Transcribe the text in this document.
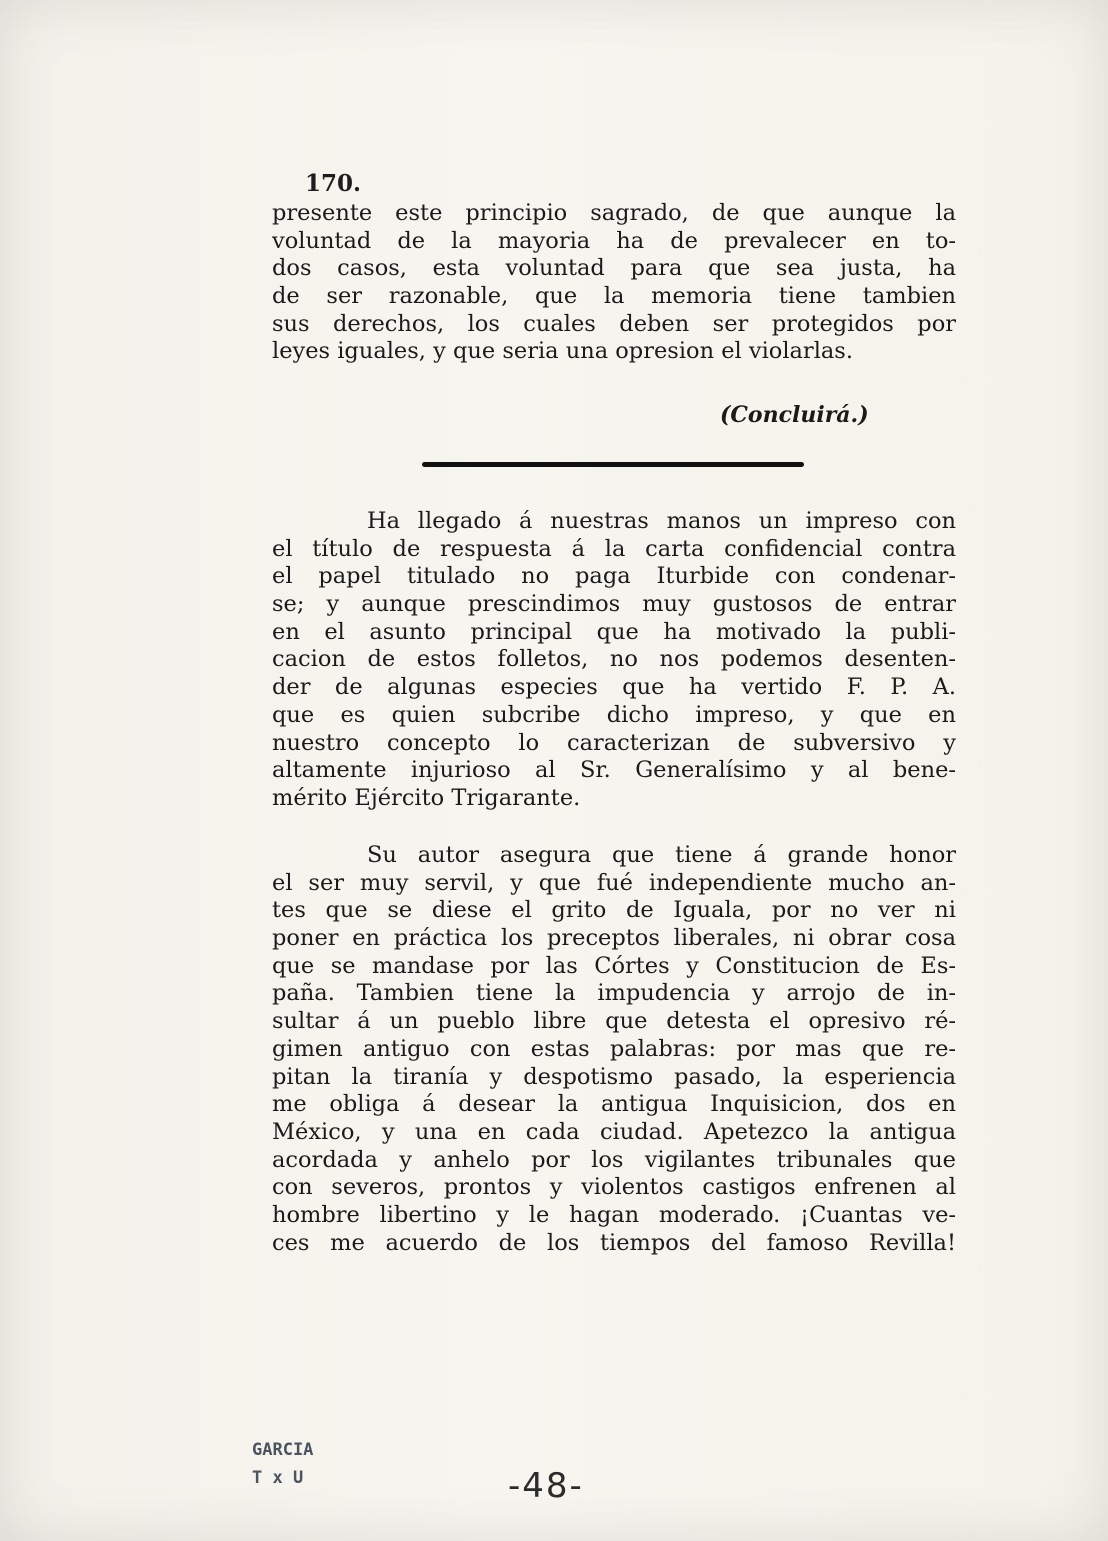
170.
presente este principio sagrado, de que aunque la
voluntad de la mayoria ha de prevalecer en to-
dos casos, esta voluntad para que sea justa, ha
de ser razonable, que la memoria tiene tambien
sus derechos, los cuales deben ser protegidos por
leyes iguales, y que seria una opresion el violarlas.
(Concluirá.)
Ha llegado á nuestras manos un impreso con
el título de respuesta á la carta confidencial contra
el papel titulado no paga Iturbide con condenar-
se; y aunque prescindimos muy gustosos de entrar
en el asunto principal que ha motivado la publi-
cacion de estos folletos, no nos podemos desenten-
der de algunas especies que ha vertido F. P. A.
que es quien subcribe dicho impreso, y que en
nuestro concepto lo caracterizan de subversivo y
altamente injurioso al Sr. Generalísimo y al bene-
mérito Ejército Trigarante.
Su autor asegura que tiene á grande honor
el ser muy servil, y que fué independiente mucho an-
tes que se diese el grito de Iguala, por no ver ni
poner en práctica los preceptos liberales, ni obrar cosa
que se mandase por las Córtes y Constitucion de Es-
paña. Tambien tiene la impudencia y arrojo de in-
sultar á un pueblo libre que detesta el opresivo ré-
gimen antiguo con estas palabras: por mas que re-
pitan la tiranía y despotismo pasado, la esperiencia
me obliga á desear la antigua Inquisicion, dos en
México, y una en cada ciudad. Apetezco la antigua
acordada y anhelo por los vigilantes tribunales que
con severos, prontos y violentos castigos enfrenen al
hombre libertino y le hagan moderado. ¡Cuantas ve-
ces me acuerdo de los tiempos del famoso Revilla!
GARCIA
T x U	-48-
